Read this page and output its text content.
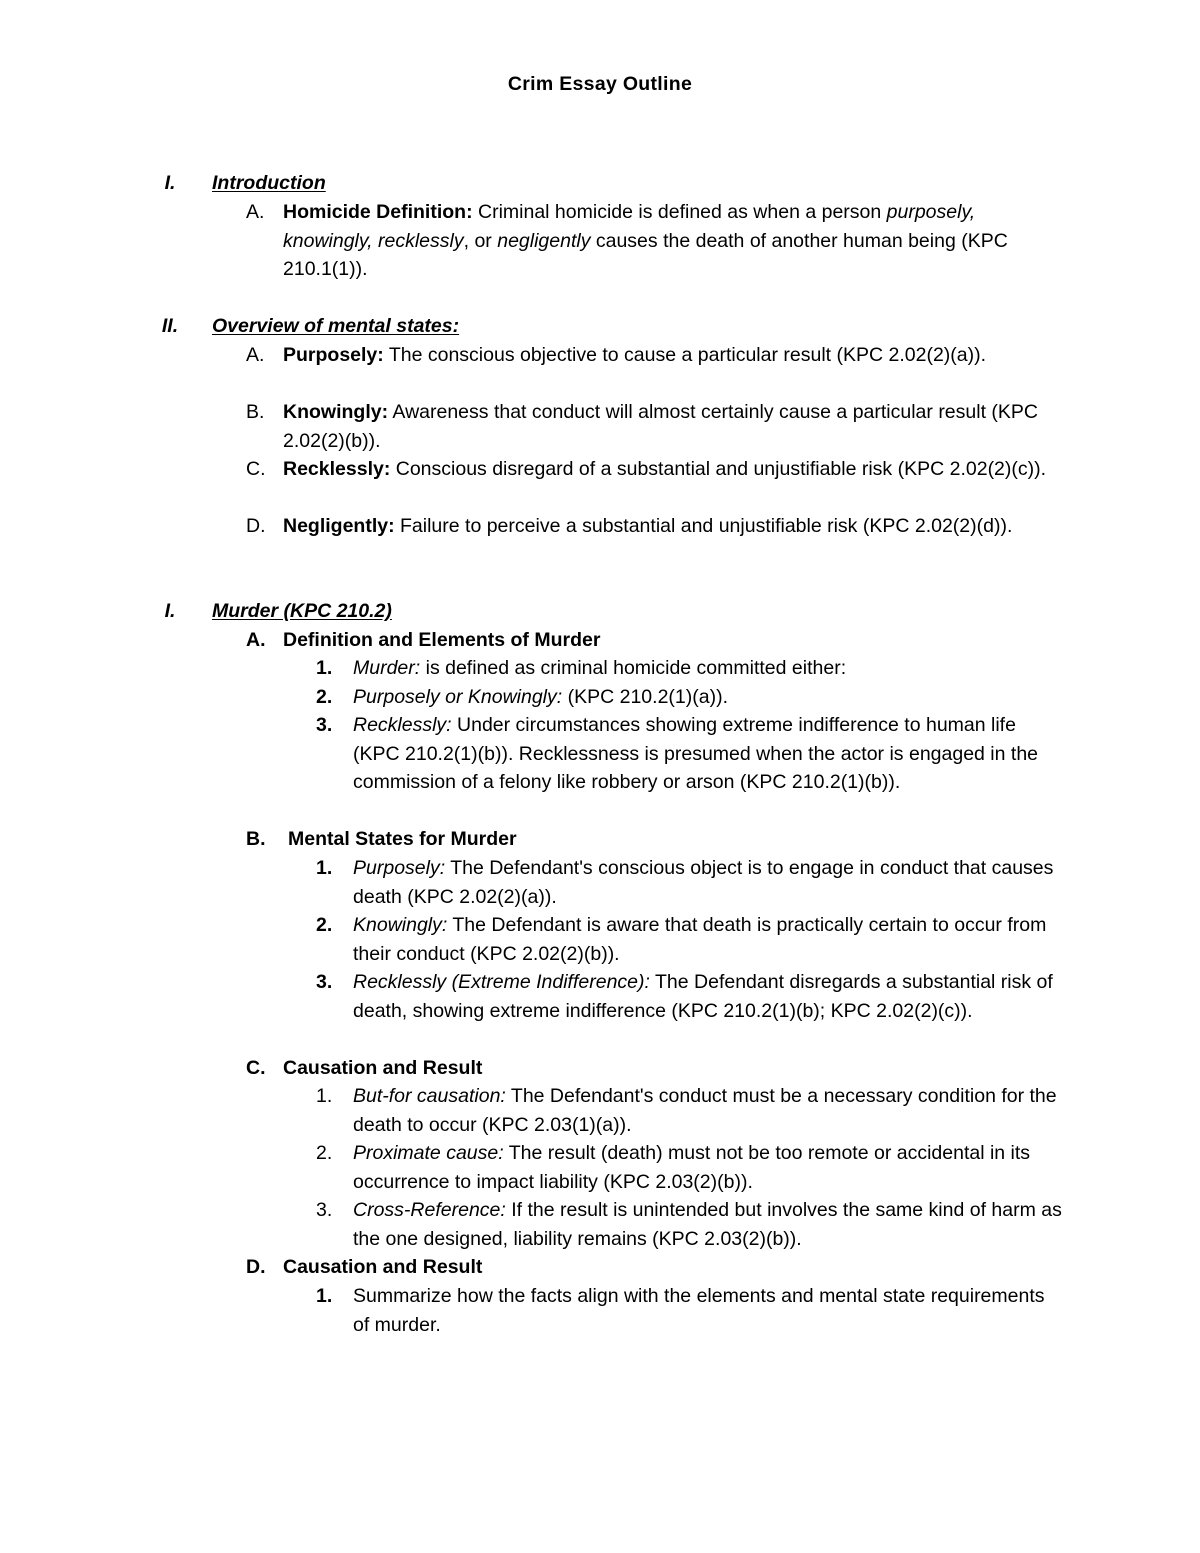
Crim Essay Outline
I.	Introduction
A. Homicide Definition: Criminal homicide is defined as when a person purposely, knowingly, recklessly, or negligently causes the death of another human being (KPC 210.1(1)).
II.	Overview of mental states:
A. Purposely: The conscious objective to cause a particular result (KPC 2.02(2)(a)).
B. Knowingly: Awareness that conduct will almost certainly cause a particular result (KPC 2.02(2)(b)).
C. Recklessly: Conscious disregard of a substantial and unjustifiable risk (KPC 2.02(2)(c)).
D. Negligently: Failure to perceive a substantial and unjustifiable risk (KPC 2.02(2)(d)).
I.	Murder (KPC 210.2)
A. Definition and Elements of Murder
1.	Murder: is defined as criminal homicide committed either:
2.	Purposely or Knowingly: (KPC 210.2(1)(a)).
3.	Recklessly: Under circumstances showing extreme indifference to human life (KPC 210.2(1)(b)). Recklessness is presumed when the actor is engaged in the commission of a felony like robbery or arson (KPC 210.2(1)(b)).
B.	Mental States for Murder
1.	Purposely: The Defendant's conscious object is to engage in conduct that causes death (KPC 2.02(2)(a)).
2.	Knowingly: The Defendant is aware that death is practically certain to occur from their conduct (KPC 2.02(2)(b)).
3.	Recklessly (Extreme Indifference): The Defendant disregards a substantial risk of death, showing extreme indifference (KPC 210.2(1)(b); KPC 2.02(2)(c)).
C. Causation and Result
1.	But-for causation: The Defendant's conduct must be a necessary condition for the death to occur (KPC 2.03(1)(a)).
2.	Proximate cause: The result (death) must not be too remote or accidental in its occurrence to impact liability (KPC 2.03(2)(b)).
3.	Cross-Reference: If the result is unintended but involves the same kind of harm as the one designed, liability remains (KPC 2.03(2)(b)).
D. Causation and Result
1.	Summarize how the facts align with the elements and mental state requirements of murder.
